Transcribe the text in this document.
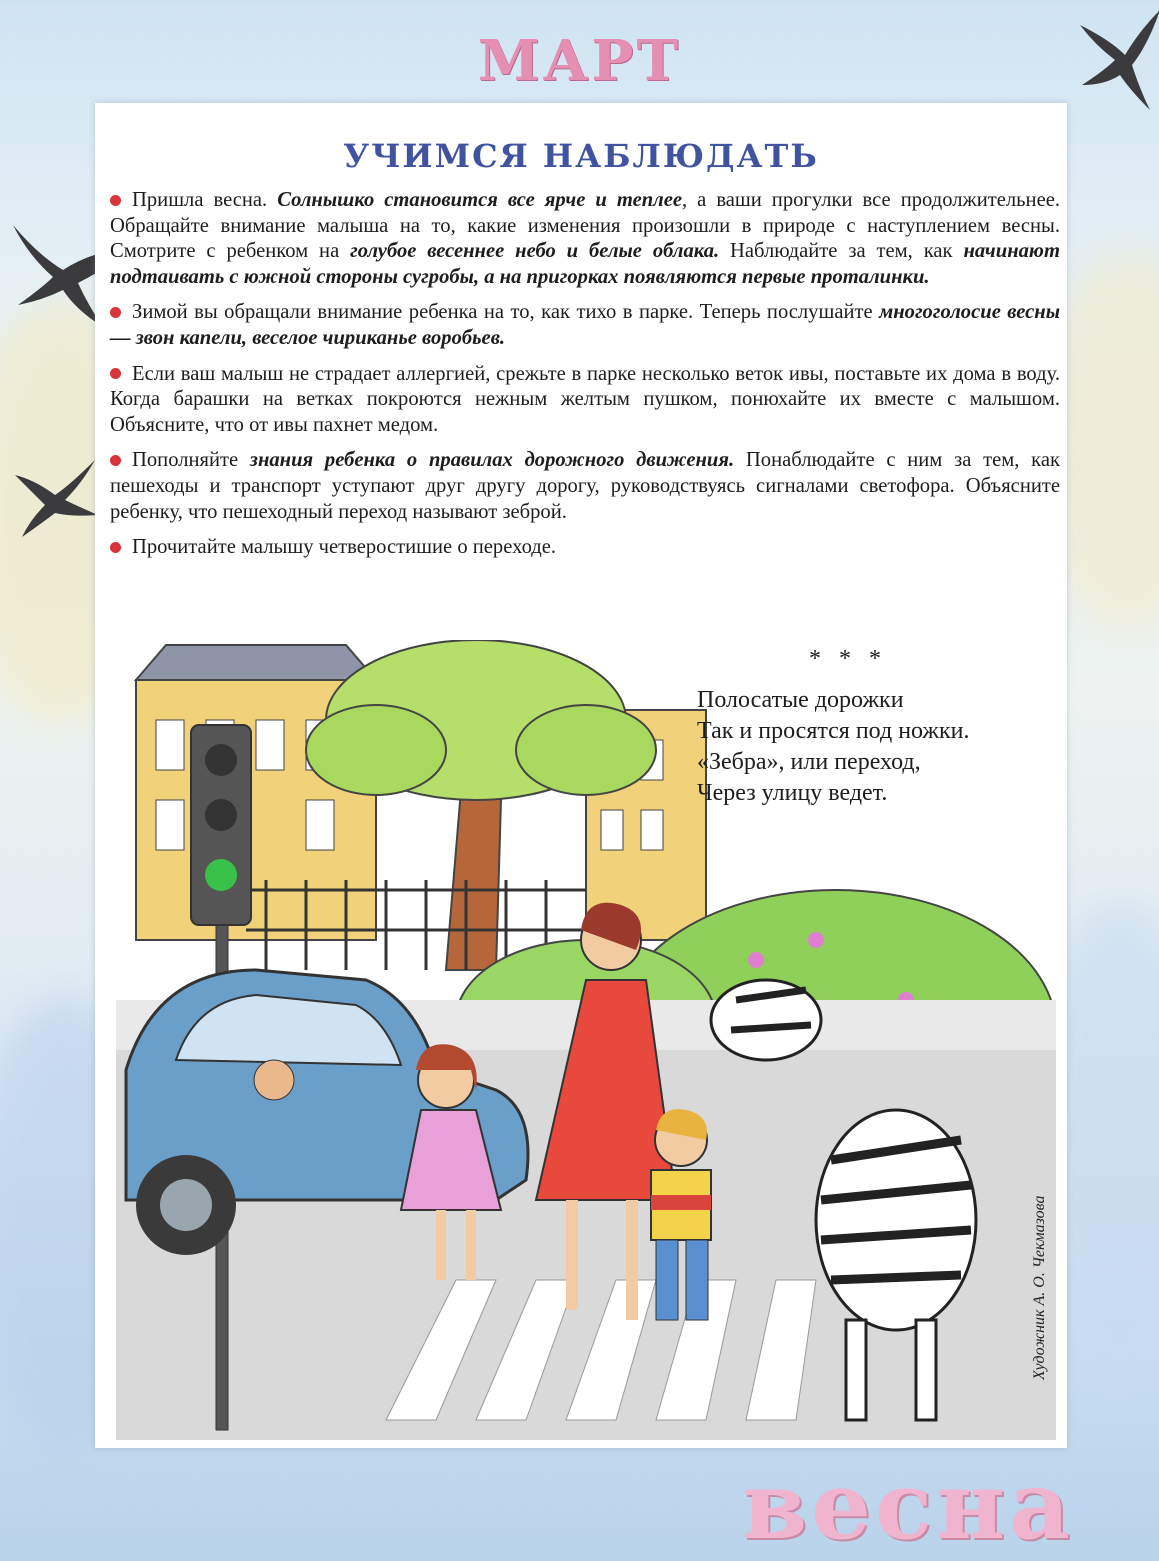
МАРТ
УЧИМСЯ НАБЛЮДАТЬ

Пришла весна. Солнышко становится все ярче и теплее, а ваши прогулки все продолжительнее. Обращайте внимание малыша на то, какие изменения произошли в природе с наступлением весны. Смотрите с ребенком на голубое весеннее небо и белые облака. Наблюдайте за тем, как начинают подтаивать с южной стороны сугробы, а на пригорках появляются первые проталинки.

Зимой вы обращали внимание ребенка на то, как тихо в парке. Теперь послушайте многоголосие весны — звон капели, веселое чириканье воробьев.

Если ваш малыш не страдает аллергией, срежьте в парке несколько веток ивы, поставьте их дома в воду. Когда барашки на ветках покроются нежным желтым пушком, понюхайте их вместе с малышом. Объясните, что от ивы пахнет медом.

Пополняйте знания ребенка о правилах дорожного движения. Понаблюдайте с ним за тем, как пешеходы и транспорт уступают друг другу дорогу, руководствуясь сигналами светофора. Объясните ребенку, что пешеходный переход называют зеброй.

Прочитайте малышу четверостишие о переходе.

* * *
Полосатые дорожки
Так и просятся под ножки.
«Зебра», или переход,
Через улицу ведет.
Художник А. О. Чекмазова
весна
